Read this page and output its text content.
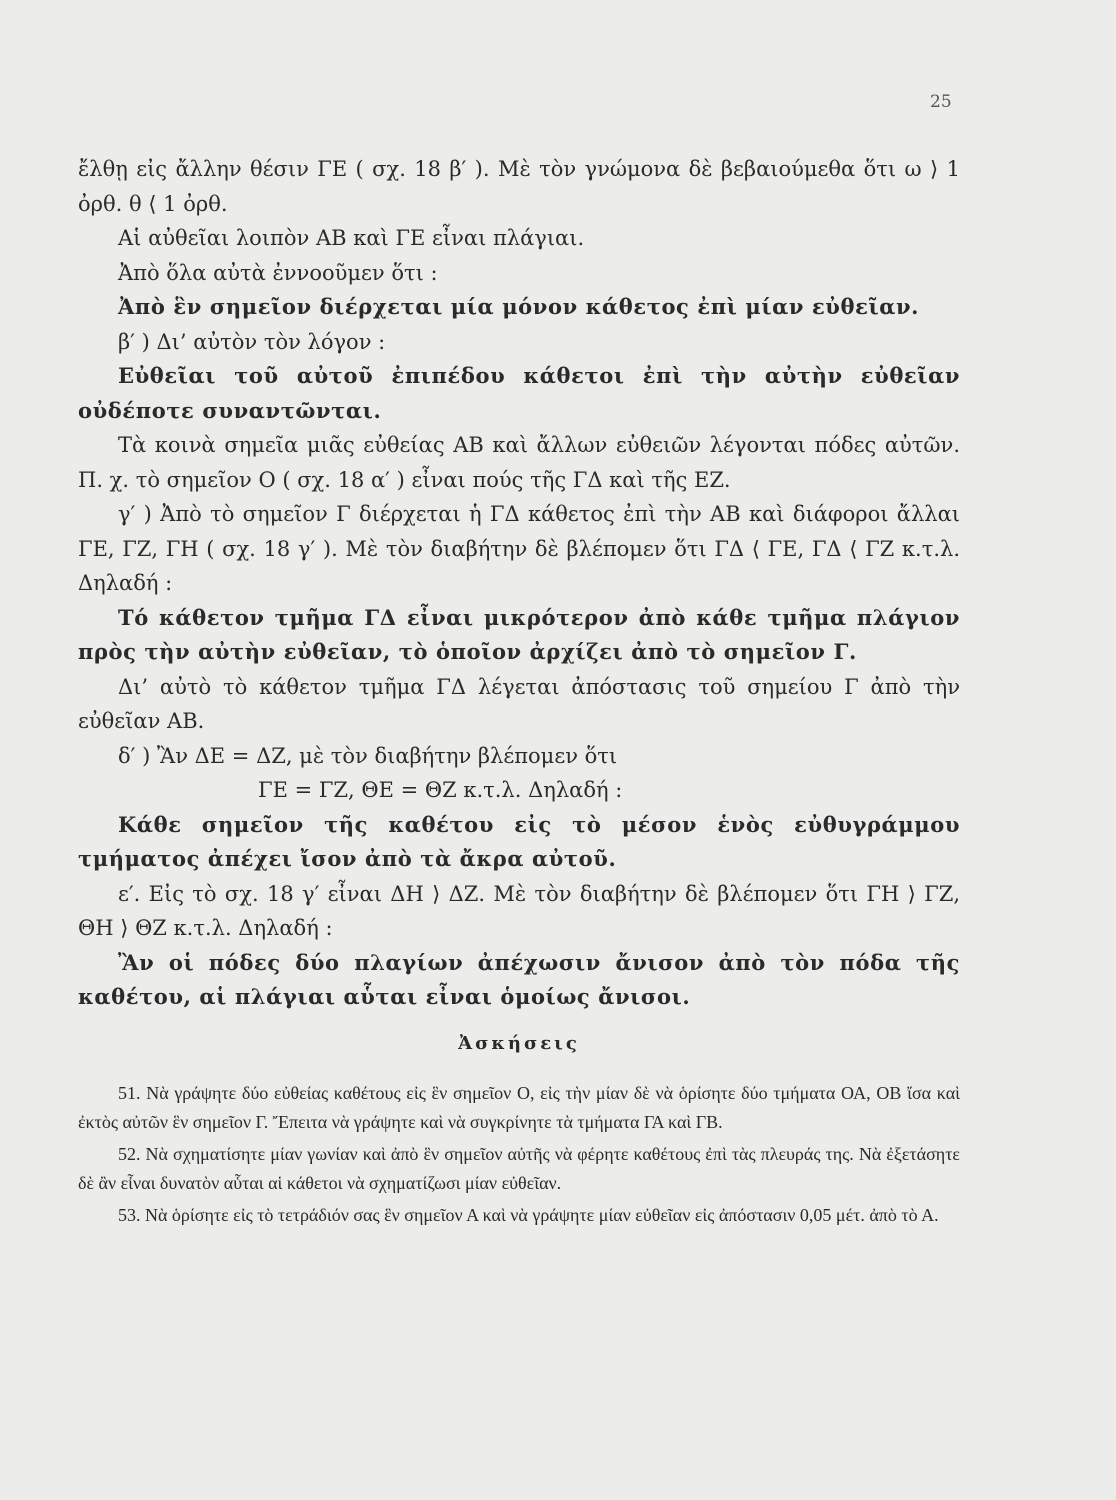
25

ἔλθῃ εἰς ἄλλην θέσιν ΓΕ ( σχ. 18 β′ ). Μὲ τὸν γνώμονα δὲ βεβαιούμεθα ὅτι ω ⟩ 1 ὀρθ. θ ⟨ 1 ὀρθ.

Αἱ αὐθεῖαι λοιπὸν ΑΒ καὶ ΓΕ εἶναι πλάγιαι.

Ἀπὸ ὅλα αὐτὰ ἐννοοῦμεν ὅτι :

Ἀπὸ ἓν σημεῖον διέρχεται μία μόνον κάθετος ἐπὶ μίαν εὐθεῖαν.

β′ ) Δι’ αὐτὸν τὸν λόγον :

Εὐθεῖαι τοῦ αὐτοῦ ἐπιπέδου κάθετοι ἐπὶ τὴν αὐτὴν εὐθεῖαν οὐδέποτε συναντῶνται.

Τὰ κοινὰ σημεῖα μιᾶς εὐθείας ΑΒ καὶ ἄλλων εὐθειῶν λέγονται πόδες αὐτῶν. Π. χ. τὸ σημεῖον Ο ( σχ. 18 α′ ) εἶναι πούς τῆς ΓΔ καὶ τῆς ΕΖ.

γ′ ) Ἀπὸ τὸ σημεῖον Γ διέρχεται ἡ ΓΔ κάθετος ἐπὶ τὴν ΑΒ καὶ διάφοροι ἄλλαι ΓΕ, ΓΖ, ΓΗ ( σχ. 18 γ′ ). Μὲ τὸν διαβήτην δὲ βλέπομεν ὅτι ΓΔ ⟨ ΓΕ, ΓΔ ⟨ ΓΖ κ.τ.λ. Δηλαδή :

Τό κάθετον τμῆμα ΓΔ εἶναι μικρότερον ἀπὸ κάθε τμῆμα πλάγιον πρὸς τὴν αὐτὴν εὐθεῖαν, τὸ ὁποῖον ἀρχίζει ἀπὸ τὸ σημεῖον Γ.

Δι’ αὐτὸ τὸ κάθετον τμῆμα ΓΔ λέγεται ἀπόστασις τοῦ σημείου Γ ἀπὸ τὴν εὐθεῖαν ΑΒ.

δ′ ) Ἂν ΔΕ = ΔΖ, μὲ τὸν διαβήτην βλέπομεν ὅτι

ΓΕ = ΓΖ, ΘΕ = ΘΖ κ.τ.λ. Δηλαδή :

Κάθε σημεῖον τῆς καθέτου εἰς τὸ μέσον ἑνὸς εὐθυγράμμου τμήματος ἀπέχει ἴσον ἀπὸ τὰ ἄκρα αὐτοῦ.

ε′. Εἰς τὸ σχ. 18 γ′ εἶναι ΔΗ ⟩ ΔΖ. Μὲ τὸν διαβήτην δὲ βλέπομεν ὅτι ΓΗ ⟩ ΓΖ, ΘΗ ⟩ ΘΖ κ.τ.λ. Δηλαδή :

Ἂν οἱ πόδες δύο πλαγίων ἀπέχωσιν ἄνισον ἀπὸ τὸν πόδα τῆς καθέτου, αἱ πλάγιαι αὗται εἶναι ὁμοίως ἄνισοι.

Ἀσκήσεις

51. Νὰ γράψητε δύο εὐθείας καθέτους εἰς ἓν σημεῖον Ο, εἰς τὴν μίαν δὲ νὰ ὁρίσητε δύο τμήματα ΟΑ, ΟΒ ἴσα καὶ ἐκτὸς αὐτῶν ἓν σημεῖον Γ. Ἔπειτα νὰ γράψητε καὶ νὰ συγκρίνητε τὰ τμήματα ΓΑ καὶ ΓΒ.

52. Νὰ σχηματίσητε μίαν γωνίαν καὶ ἀπὸ ἓν σημεῖον αὐτῆς νὰ φέρητε καθέτους ἐπὶ τὰς πλευράς της. Νὰ ἐξετάσητε δὲ ἂν εἶναι δυνατὸν αὗται αἱ κάθετοι νὰ σχηματίζωσι μίαν εὐθεῖαν.

53. Νὰ ὁρίσητε εἰς τὸ τετράδιόν σας ἓν σημεῖον Α καὶ νὰ γράψητε μίαν εὐθεῖαν εἰς ἀπόστασιν 0,05 μέτ. ἀπὸ τὸ Α.
